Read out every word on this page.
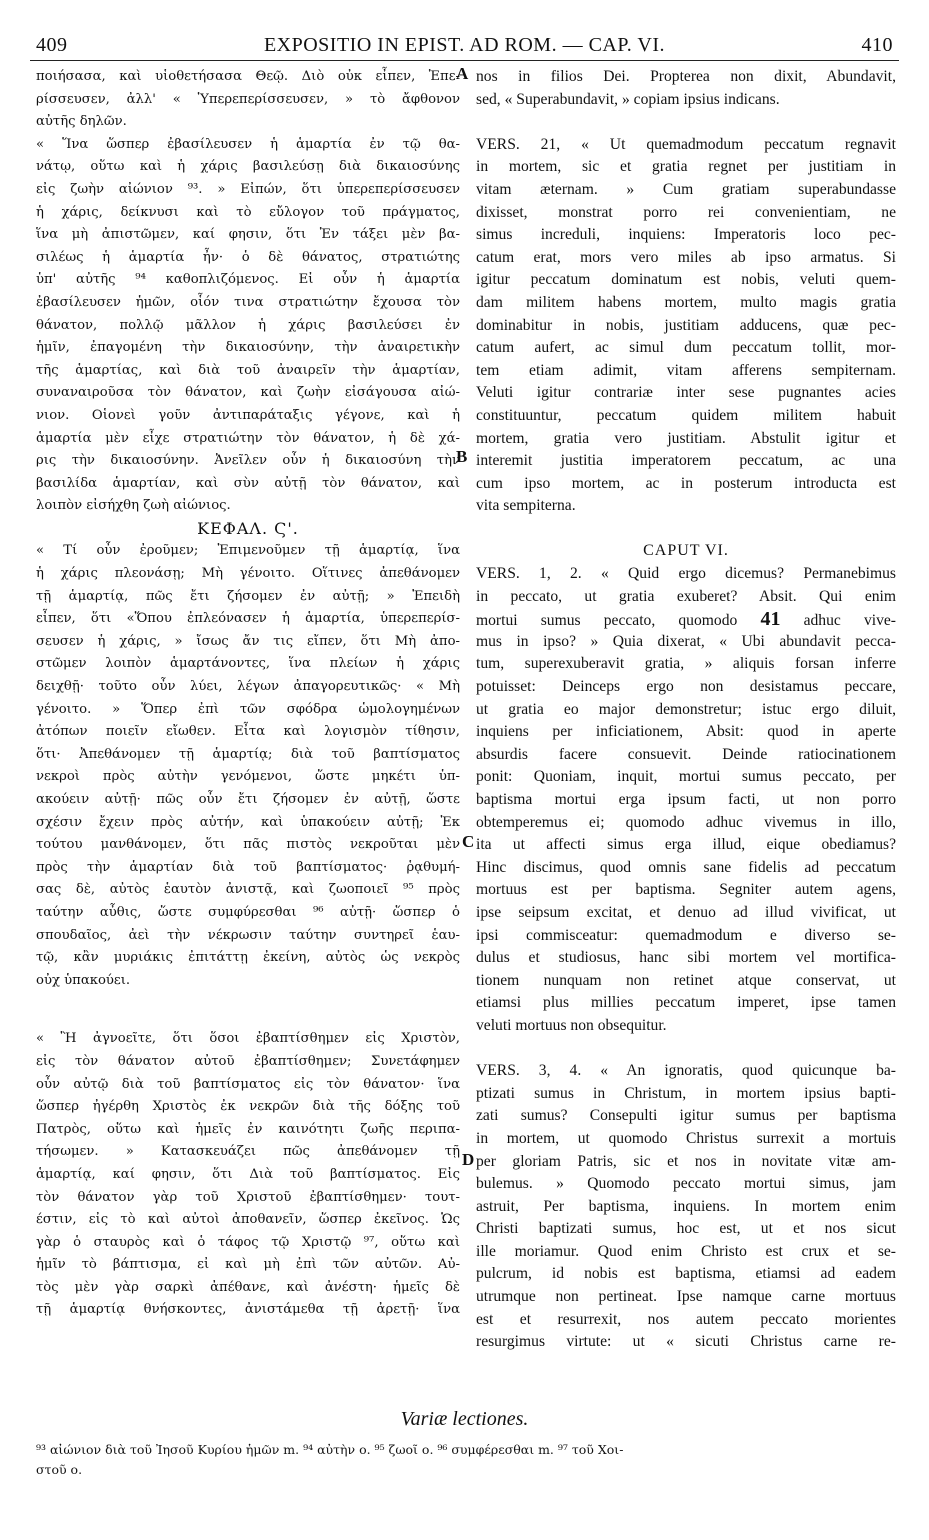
409	EXPOSITIO IN EPIST. AD ROM. — CAP. VI.	410
A
B
C
D
ποιήσασα, καὶ υἱοθετήσασα Θεῷ. Διὸ οὐκ εἶπεν, Ἐπε-
ρίσσευσεν, ἀλλ' « Ὑπερεπερίσσευσεν, » τὸ ἄφθονον
αὐτῆς δηλῶν.
« Ἵνα ὥσπερ ἐβασίλευσεν ἡ ἁμαρτία ἐν τῷ θα-
νάτῳ, οὕτω καὶ ἡ χάρις βασιλεύσῃ διὰ δικαιοσύνης
εἰς ζωὴν αἰώνιον ⁹³. » Εἰπών, ὅτι ὑπερεπερίσσευσεν
ἡ χάρις, δείκνυσι καὶ τὸ εὔλογον τοῦ πράγματος,
ἵνα μὴ ἀπιστῶμεν, καί φησιν, ὅτι Ἐν τάξει μὲν βα-
σιλέως ἡ ἁμαρτία ἦν· ὁ δὲ θάνατος, στρατιώτης
ὑπ' αὐτῆς ⁹⁴ καθοπλιζόμενος. Εἰ οὖν ἡ ἁμαρτία
ἐβασίλευσεν ἡμῶν, οἷόν τινα στρατιώτην ἔχουσα τὸν
θάνατον, πολλῷ μᾶλλον ἡ χάρις βασιλεύσει ἐν
ἡμῖν, ἐπαγομένη τὴν δικαιοσύνην, τὴν ἀναιρετικὴν
τῆς ἁμαρτίας, καὶ διὰ τοῦ ἀναιρεῖν τὴν ἁμαρτίαν,
συναναιροῦσα τὸν θάνατον, καὶ ζωὴν εἰσάγουσα αἰώ-
νιον. Οἱονεὶ γοῦν ἀντιπαράταξις γέγονε, καὶ ἡ
ἁμαρτία μὲν εἶχε στρατιώτην τὸν θάνατον, ἡ δὲ χά-
ρις τὴν δικαιοσύνην. Ἀνεῖλεν οὖν ἡ δικαιοσύνη τὴν
βασιλίδα ἁμαρτίαν, καὶ σὺν αὐτῇ τὸν θάνατον, καὶ
λοιπὸν εἰσήχθη ζωὴ αἰώνιος.
ΚΕΦΑΛ. Ϛ'.
« Τί οὖν ἐροῦμεν; Ἐπιμενοῦμεν τῇ ἁμαρτίᾳ, ἵνα
ἡ χάρις πλεονάσῃ; Μὴ γένοιτο. Οἵτινες ἀπεθάνομεν
τῇ ἁμαρτίᾳ, πῶς ἔτι ζήσομεν ἐν αὐτῇ; » Ἐπειδὴ
εἶπεν, ὅτι «Ὅπου ἐπλεόνασεν ἡ ἁμαρτία, ὑπερεπερίσ-
σευσεν ἡ χάρις, » ἴσως ἄν τις εἴπεν, ὅτι Μὴ ἀπο-
στῶμεν λοιπὸν ἁμαρτάνοντες, ἵνα πλείων ἡ χάρις
δειχθῇ· τοῦτο οὖν λύει, λέγων ἀπαγορευτικῶς· « Μὴ
γένοιτο. » Ὅπερ ἐπὶ τῶν σφόδρα ὡμολογημένων
ἀτόπων ποιεῖν εἴωθεν. Εἶτα καὶ λογισμὸν τίθησιν,
ὅτι· Ἀπεθάνομεν τῇ ἁμαρτίᾳ; διὰ τοῦ βαπτίσματος
νεκροὶ πρὸς αὐτὴν γενόμενοι, ὥστε μηκέτι ὑπ-
ακούειν αὐτῇ· πῶς οὖν ἔτι ζήσομεν ἐν αὐτῇ, ὥστε
σχέσιν ἔχειν πρὸς αὐτήν, καὶ ὑπακούειν αὐτῇ; Ἐκ
τούτου μανθάνομεν, ὅτι πᾶς πιστὸς νεκροῦται μὲν
πρὸς τὴν ἁμαρτίαν διὰ τοῦ βαπτίσματος· ῥᾳθυμή-
σας δὲ, αὐτὸς ἑαυτὸν ἀνιστᾷ, καὶ ζωοποιεῖ ⁹⁵ πρὸς
ταύτην αὖθις, ὥστε συμφύρεσθαι ⁹⁶ αὐτῇ· ὥσπερ ὁ
σπουδαῖος, ἀεὶ τὴν νέκρωσιν ταύτην συντηρεῖ ἑαυ-
τῷ, κἂν μυριάκις ἐπιτάττῃ ἐκείνη, αὐτὸς ὡς νεκρὸς
οὐχ ὑπακούει.
« Ἢ ἀγνοεῖτε, ὅτι ὅσοι ἐβαπτίσθημεν εἰς Χριστὸν,
εἰς τὸν θάνατον αὐτοῦ ἐβαπτίσθημεν; Συνετάφημεν
οὖν αὐτῷ διὰ τοῦ βαπτίσματος εἰς τὸν θάνατον· ἵνα
ὥσπερ ἠγέρθη Χριστὸς ἐκ νεκρῶν διὰ τῆς δόξης τοῦ
Πατρὸς, οὕτω καὶ ἡμεῖς ἐν καινότητι ζωῆς περιπα-
τήσωμεν. » Κατασκευάζει πῶς ἀπεθάνομεν τῇ
ἁμαρτίᾳ, καί φησιν, ὅτι Διὰ τοῦ βαπτίσματος. Εἰς
τὸν θάνατον γὰρ τοῦ Χριστοῦ ἐβαπτίσθημεν· τουτ-
έστιν, εἰς τὸ καὶ αὐτοὶ ἀποθανεῖν, ὥσπερ ἐκεῖνος. Ὡς
γὰρ ὁ σταυρὸς καὶ ὁ τάφος τῷ Χριστῷ ⁹⁷, οὕτω καὶ
ἡμῖν τὸ βάπτισμα, εἰ καὶ μὴ ἐπὶ τῶν αὐτῶν. Αὐ-
τὸς μὲν γὰρ σαρκὶ ἀπέθανε, καὶ ἀνέστη· ἡμεῖς δὲ
τῇ ἁμαρτίᾳ θνήσκοντες, ἀνιστάμεθα τῇ ἀρετῇ· ἵνα
nos in filios Dei. Propterea non dixit, Abundavit,
sed, « Superabundavit, » copiam ipsius indicans.
VERS. 21, « Ut quemadmodum peccatum regnavit
in mortem, sic et gratia regnet per justitiam in
vitam æternam. » Cum gratiam superabundasse
dixisset, monstrat porro rei convenientiam, ne
simus increduli, inquiens: Imperatoris loco pec-
catum erat, mors vero miles ab ipso armatus. Si
igitur peccatum dominatum est nobis, veluti quem-
dam militem habens mortem, multo magis gratia
dominabitur in nobis, justitiam adducens, quæ pec-
catum aufert, ac simul dum peccatum tollit, mor-
tem etiam adimit, vitam afferens sempiternam.
Veluti igitur contrariæ inter sese pugnantes acies
constituuntur, peccatum quidem militem habuit
mortem, gratia vero justitiam. Abstulit igitur et
interemit justitia imperatorem peccatum, ac una
cum ipso mortem, ac in posterum introducta est
vita sempiterna.
CAPUT VI.
VERS. 1, 2. « Quid ergo dicemus? Permanebimus
in peccato, ut gratia exuberet? Absit. Qui enim
mortui sumus peccato, quomodo 41 adhuc vive-
mus in ipso? » Quia dixerat, « Ubi abundavit pecca-
tum, superexuberavit gratia, » aliquis forsan inferre
potuisset: Deinceps ergo non desistamus peccare,
ut gratia eo major demonstretur; istuc ergo diluit,
inquiens per inficiationem, Absit: quod in aperte
absurdis facere consuevit. Deinde ratiocinationem
ponit: Quoniam, inquit, mortui sumus peccato, per
baptisma mortui erga ipsum facti, ut non porro
obtemperemus ei; quomodo adhuc vivemus in illo,
ita ut affecti simus erga illud, eique obediamus?
Hinc discimus, quod omnis sane fidelis ad peccatum
mortuus est per baptisma. Segniter autem agens,
ipse seipsum excitat, et denuo ad illud vivificat, ut
ipsi commisceatur: quemadmodum e diverso se-
dulus et studiosus, hanc sibi mortem vel mortifica-
tionem nunquam non retinet atque conservat, ut
etiamsi plus millies peccatum imperet, ipse tamen
veluti mortuus non obsequitur.
VERS. 3, 4. « An ignoratis, quod quicunque ba-
ptizati sumus in Christum, in mortem ipsius bapti-
zati sumus? Consepulti igitur sumus per baptisma
in mortem, ut quomodo Christus surrexit a mortuis
per gloriam Patris, sic et nos in novitate vitæ am-
bulemus. » Quomodo peccato mortui simus, jam
astruit, Per baptisma, inquiens. In mortem enim
Christi baptizati sumus, hoc est, ut et nos sicut
ille moriamur. Quod enim Christo est crux et se-
pulcrum, id nobis est baptisma, etiamsi ad eadem
utrumque non pertineat. Ipse namque carne mortuus
est et resurrexit, nos autem peccato morientes
resurgimus virtute: ut « sicuti Christus carne re-
Variæ lectiones.
⁹³ αἰώνιον διὰ τοῦ Ἰησοῦ Κυρίου ἡμῶν m. ⁹⁴ αὐτὴν ο. ⁹⁵ ζωοῖ ο. ⁹⁶ συμφέρεσθαι m. ⁹⁷ τοῦ Χοι-
στοῦ ο.
